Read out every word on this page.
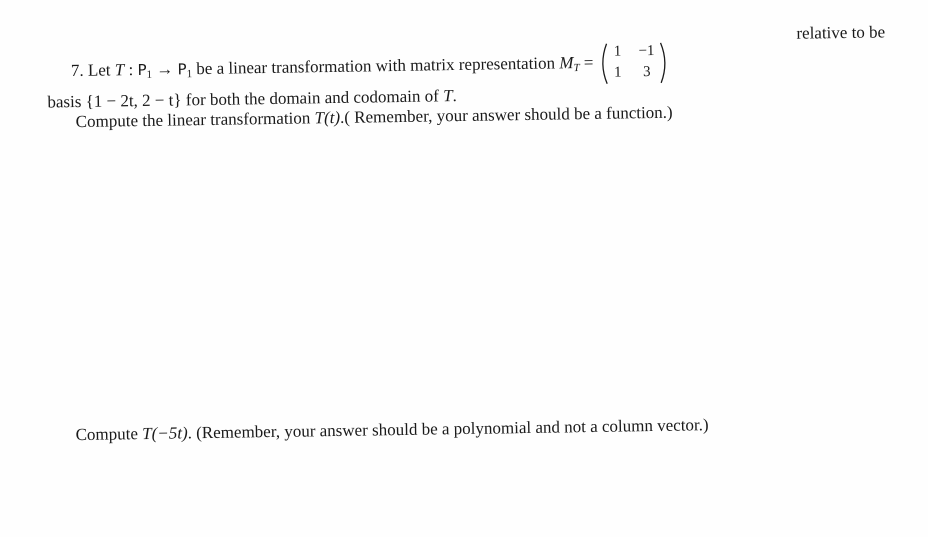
7. Let T : $P_1 \to P_1$ be a linear transformation with matrix representation $M_T$ =
1	−1
1	3
relative to be
basis {1 − 2t, 2 − t} for both the domain and codomain of T.
Compute the linear transformation T(t).( Remember, your answer should be a function.)
Compute T(−5t). (Remember, your answer should be a polynomial and not a column vector.)
